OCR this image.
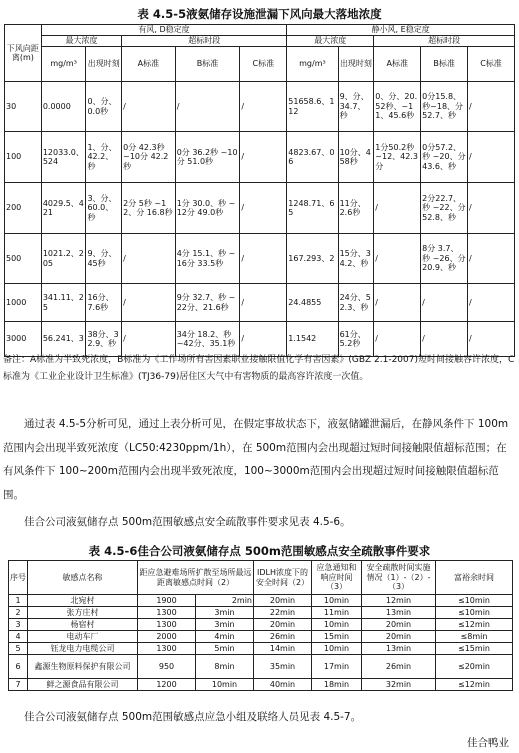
表 4.5-5液氨储存设施泄漏下风向最大落地浓度
下风向距离(m)	有风, D稳定度					静小风, E稳定度				
	最大浓度		超标时段			最大浓度		超标时段		
	mg/m³	出现时刻	A标准	B标准	C标准	mg/m³	出现时刻	A标准	B标准	C标准
30	0.0000	0、分、0.0秒	/	/	/	51658.6、112	9、分、34.7、秒	0、分、20.52秒、~11、45.6秒	0分15.8、秒~18、分 52.7、秒	/
100	12033.0、524	1、分、42.2、秒	0分 42.3秒 ~10分 42.2秒	0分 36.2秒 ~10分 51.0秒	/	4823.67、06	10分、458秒	1分50.2秒 ~12、42.3分	0分57.2、秒 ~20、分 43.6、秒	/
200	4029.5、421	3、分、60.0、秒	2分 5秒 ~12、分 16.8秒	1分 30.0、秒 ~12分 49.0秒	/	1248.71、65	11分、2.6秒	/	2分22.7、秒 ~22、分 52.8、秒	/
500	1021.2、205	9、分、45秒	/	4分 15.1、秒 ~16分 33.5秒	/	167.293、2	15分、34.2、秒	/	8分 3.7、秒 ~26、分 20.9、秒	/
1000	341.11、25	16分、7.6秒	/	9分 32.7、秒 ~22分、21.6秒	/	24.4855	24分、52.3、秒	/	/	/
3000	56.241、3	38分、32.9、秒	/	34分 18.2、秒 ~42分、35.1秒	/	1.1542	61分、5.2秒	/	/	/
备注：A标准为半致死浓度，B标准为《工作场所有害因素职业接触限值化学有害因素》(GBZ 2.1-2007)短时间接触容许浓度，C标准为《工业企业设计卫生标准》(TJ36-79)居住区大气中有害物质的最高容许浓度一次值。
通过表 4.5-5分析可见，通过上表分析可见，在假定事故状态下，液氨储罐泄漏后，在静风条件下 100m范围内会出现半致死浓度（LC50:4230ppm/1h），在 500m范围内会出现超过短时间接触限值超标范围；在有风条件下 100~200m范围内会出现半致死浓度，100~3000m范围内会出现超过短时间接触限值超标范围。
佳合公司液氨储存点 500m范围敏感点安全疏散事件要求见表 4.5-6。
表 4.5-6佳合公司液氨储存点 500m范围敏感点安全疏散事件要求
序号	敏感点名称	距应急避难场所扩散至场所最远距离敏感点时间（2）		IDLH浓度下的安全时间（2）	应急通知和响应时间（3）	安全疏散时间实施情况（1）-（2）-（3）	富裕余时间
1	北宛村	1900	2min	20min	10min	12min	≤10min
2	张方庄村	1300	3min	22min	11min	13min	≤10min
3	杨宿村	1300	3min	20min	10min	20min	≤12min
4	电动车厂	2000	4min	26min	15min	20min	≤8min
5	钰龙电力电缆公司	1300	5min	14min	10min	13min	≤15min
6	鑫源生物原料保护有限公司	950	8min	35min	17min	26min	≤20min
7	鲜之源食品有限公司	1200	10min	40min	18min	32min	≤12min
佳合公司液氨储存点 500m范围敏感点应急小组及联络人员见表 4.5-7。
佳合鸭业
